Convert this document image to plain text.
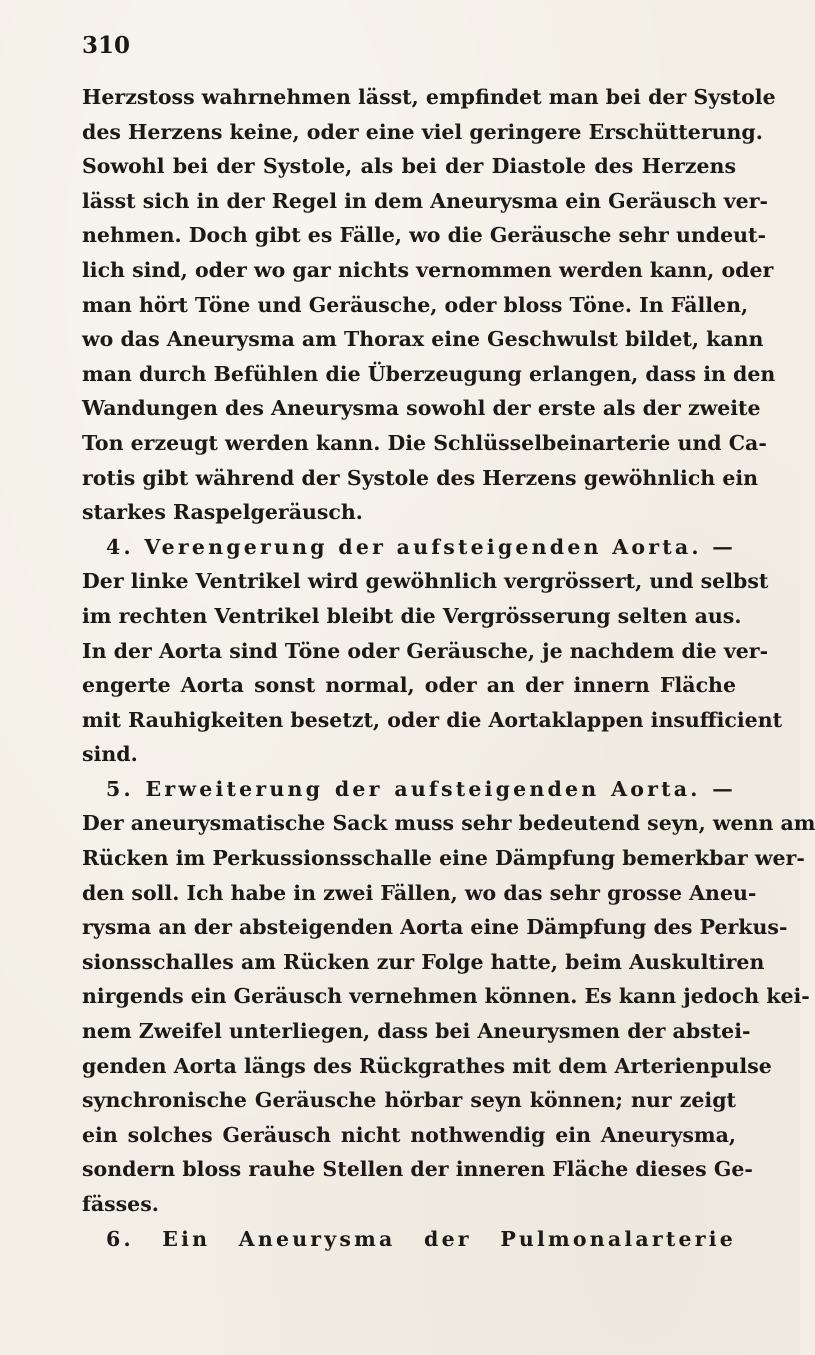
310
Herzstoss wahrnehmen lässt, empfindet man bei der Systole
des Herzens keine, oder eine viel geringere Erschütterung.
Sowohl bei der Systole, als bei der Diastole des Herzens
lässt sich in der Regel in dem Aneurysma ein Geräusch ver-
nehmen. Doch gibt es Fälle, wo die Geräusche sehr undeut-
lich sind, oder wo gar nichts vernommen werden kann, oder
man hört Töne und Geräusche, oder bloss Töne. In Fällen,
wo das Aneurysma am Thorax eine Geschwulst bildet, kann
man durch Befühlen die Überzeugung erlangen, dass in den
Wandungen des Aneurysma sowohl der erste als der zweite
Ton erzeugt werden kann. Die Schlüsselbeinarterie und Ca-
rotis gibt während der Systole des Herzens gewöhnlich ein
starkes Raspelgeräusch.
4. Verengerung der aufsteigenden Aorta. —
Der linke Ventrikel wird gewöhnlich vergrössert, und selbst
im rechten Ventrikel bleibt die Vergrösserung selten aus.
In der Aorta sind Töne oder Geräusche, je nachdem die ver-
engerte Aorta sonst normal, oder an der innern Fläche
mit Rauhigkeiten besetzt, oder die Aortaklappen insufficient
sind.
5. Erweiterung der aufsteigenden Aorta. —
Der aneurysmatische Sack muss sehr bedeutend seyn, wenn am
Rücken im Perkussionsschalle eine Dämpfung bemerkbar wer-
den soll. Ich habe in zwei Fällen, wo das sehr grosse Aneu-
rysma an der absteigenden Aorta eine Dämpfung des Perkus-
sionsschalles am Rücken zur Folge hatte, beim Auskultiren
nirgends ein Geräusch vernehmen können. Es kann jedoch kei-
nem Zweifel unterliegen, dass bei Aneurysmen der abstei-
genden Aorta längs des Rückgrathes mit dem Arterienpulse
synchronische Geräusche hörbar seyn können; nur zeigt
ein solches Geräusch nicht nothwendig ein Aneurysma,
sondern bloss rauhe Stellen der inneren Fläche dieses Ge-
fässes.
6. Ein Aneurysma der Pulmonalarterie
